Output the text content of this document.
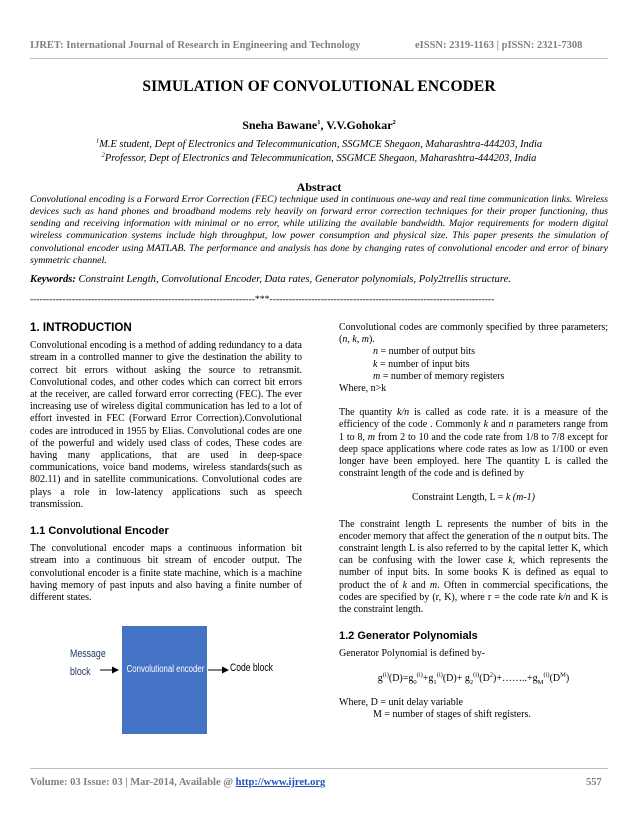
IJRET: International Journal of Research in Engineering and Technology	eISSN: 2319-1163 | pISSN: 2321-7308
SIMULATION OF CONVOLUTIONAL ENCODER
Sneha Bawane$^1$, V.V.Gohokar$^2$
$^1$M.E student, Dept of Electronics and Telecommunication, SSGMCE Shegaon, Maharashtra-444203, India
$^2$Professor, Dept of Electronics and Telecommunication, SSGMCE Shegaon, Maharashtra-444203, India
Abstract
Convolutional encoding is a Forward Error Correction (FEC) technique used in continuous one-way and real time communication links. Wireless devices such as hand phones and broadband modems rely heavily on forward error correction techniques for their proper functioning, thus sending and receiving information with minimal or no error, while utilizing the available bandwidth. Major requirements for modern digital wireless communication systems include high throughput, low power consumption and physical size. This paper presents the simulation of convolutional encoder using MATLAB. The performance and analysis has done by changing rates of convolutional encoder and error of binary symmetric channel.
Keywords: Constraint Length, Convolutional Encoder, Data rates, Generator polynomials, Poly2trellis structure.
----------------------------------------------------------------------***----------------------------------------------------------------------
1. INTRODUCTION
Convolutional encoding is a method of adding redundancy to a data stream in a controlled manner to give the destination the ability to correct bit errors without asking the source to retransmit. Convolutional codes, and other codes which can correct bit errors at the receiver, are called forward error correcting (FEC). The ever increasing use of wireless digital communication has led to a lot of effort invested in FEC (Forward Error Correction).Convolutional codes are introduced in 1955 by Elias. Convolutional codes are one of the powerful and widely used class of codes, These codes are having many applications, that are used in deep-space communications, voice band modems, wireless standards(such as 802.11) and in satellite communications. Convolutional codes are plays a role in low-latency applications such as speech transmission.
1.1 Convolutional Encoder
The convolutional encoder maps a continuous information bit stream into a continuous bit stream of encoder output. The convolutional encoder is a finite state machine, which is a machine having memory of past inputs and also having a finite number of different states.
Message
block	Convolutional encoder Code block
Convolutional codes are commonly specified by three parameters; (n, k, m).
n = number of output bits
k = number of input bits
m = number of memory registers
Where, n>k
The quantity k/n is called as code rate. it is a measure of the efficiency of the code . Commonly k and n parameters range from 1 to 8, m from 2 to 10 and the code rate from 1/8 to 7/8 except for deep space applications where code rates as low as 1/100 or even longer have been employed. here The quantity L is called the constraint length of the code and is defined by
Constraint Length, L = k (m-1)
The constraint length L represents the number of bits in the encoder memory that affect the generation of the n output bits. The constraint length L is also referred to by the capital letter K, which can be confusing with the lower case k, which represents the number of input bits. In some books K is defined as equal to product the of k and m. Often in commercial specifications, the codes are specified by (r, K), where r = the code rate k/n and K is the constraint length.
1.2 Generator Polynomials
Generator Polynomial is defined by-
$g^{(i)}(D)=g_0^{(i)}+g_1^{(i)}(D)+$ $g_2^{(i)}(D^2)+\dots\dots..+g_M^{(i)}(D^M)$
Where, D = unit delay variable
M = number of stages of shift registers.
Volume: 03 Issue: 03 | Mar-2014, Available @ http://www.ijret.org	557
